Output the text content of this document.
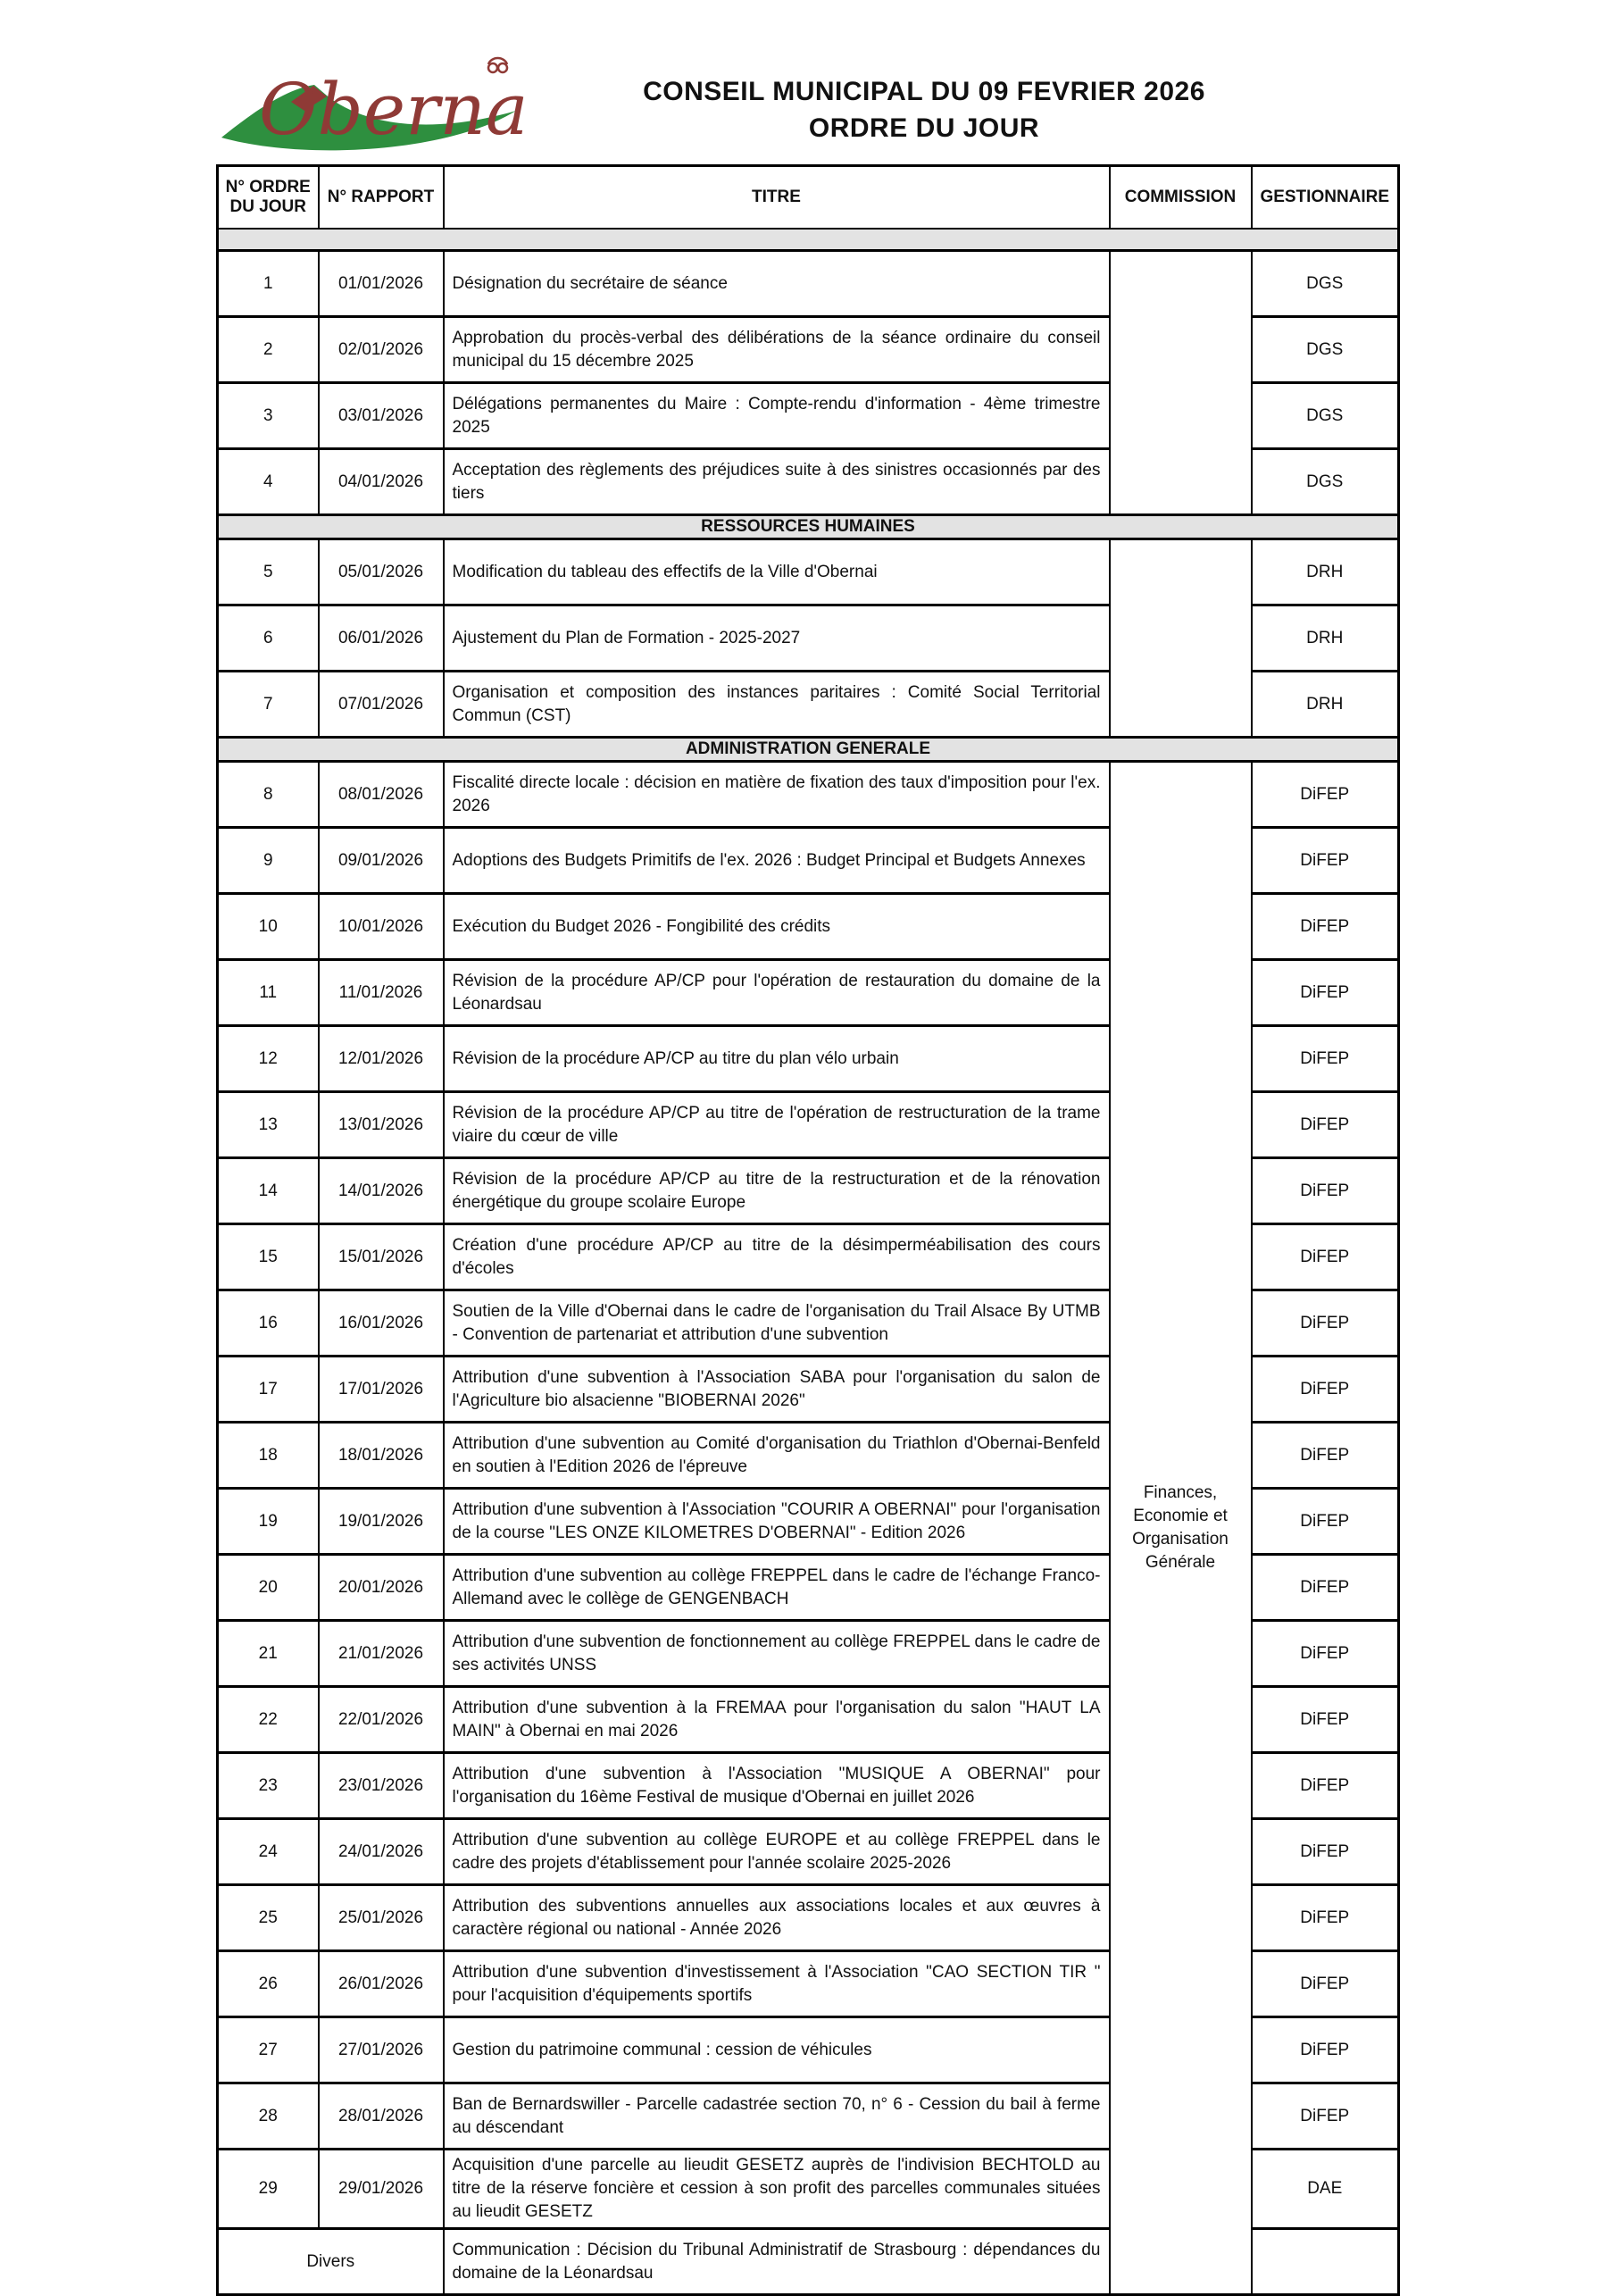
Obernai	CONSEIL MUNICIPAL DU 09 FEVRIER 2026
ORDRE DU JOUR
N° ORDRE DU JOUR	N° RAPPORT	TITRE	COMMISSION	GESTIONNAIRE

1	01/01/2026	Désignation du secrétaire de séance		DGS
2	02/01/2026	Approbation du procès-verbal des délibérations de la séance ordinaire du conseil municipal du 15 décembre 2025		DGS
3	03/01/2026	Délégations permanentes du Maire : Compte-rendu d'information - 4ème trimestre 2025		DGS
4	04/01/2026	Acceptation des règlements des préjudices suite à des sinistres occasionnés par des tiers		DGS
RESSOURCES HUMAINES				
5	05/01/2026	Modification du tableau des effectifs de la Ville d'Obernai		DRH
6	06/01/2026	Ajustement du Plan de Formation - 2025-2027		DRH
7	07/01/2026	Organisation et composition des instances paritaires : Comité Social Territorial Commun (CST)		DRH
ADMINISTRATION GENERALE				
8	08/01/2026	Fiscalité directe locale : décision en matière de fixation des taux d'imposition pour l'ex. 2026	Finances, Economie et Organisation Générale	DiFEP
9	09/01/2026	Adoptions des Budgets Primitifs de l'ex. 2026 : Budget Principal et Budgets Annexes		DiFEP
10	10/01/2026	Exécution du Budget 2026 - Fongibilité des crédits		DiFEP
11	11/01/2026	Révision de la procédure AP/CP pour l'opération de restauration du domaine de la Léonardsau		DiFEP
12	12/01/2026	Révision de la procédure AP/CP au titre du plan vélo urbain		DiFEP
13	13/01/2026	Révision de la procédure AP/CP au titre de l'opération de restructuration de la trame viaire du cœur de ville		DiFEP
14	14/01/2026	Révision de la procédure AP/CP au titre de la restructuration et de la rénovation énergétique du groupe scolaire Europe		DiFEP
15	15/01/2026	Création d'une procédure AP/CP au titre de la désimperméabilisation des cours d'écoles		DiFEP
16	16/01/2026	Soutien de la Ville d'Obernai dans le cadre de l'organisation du Trail Alsace By UTMB - Convention de partenariat et attribution d'une subvention		DiFEP
17	17/01/2026	Attribution d'une subvention à l'Association SABA pour l'organisation du salon de l'Agriculture bio alsacienne "BIOBERNAI 2026"		DiFEP
18	18/01/2026	Attribution d'une subvention au Comité d'organisation du Triathlon d'Obernai-Benfeld en soutien à l'Edition 2026 de l'épreuve		DiFEP
19	19/01/2026	Attribution d'une subvention à l'Association "COURIR A OBERNAI" pour l'organisation de la course "LES ONZE KILOMETRES D'OBERNAI" - Edition 2026		DiFEP
20	20/01/2026	Attribution d'une subvention au collège FREPPEL dans le cadre de l'échange Franco-Allemand avec le collège de GENGENBACH		DiFEP
21	21/01/2026	Attribution d'une subvention de fonctionnement au collège FREPPEL dans le cadre de ses activités UNSS		DiFEP
22	22/01/2026	Attribution d'une subvention à la FREMAA pour l'organisation du salon "HAUT LA MAIN" à Obernai en mai 2026		DiFEP
23	23/01/2026	Attribution d'une subvention à l'Association "MUSIQUE A OBERNAI" pour l'organisation du 16ème Festival de musique d'Obernai en juillet 2026		DiFEP
24	24/01/2026	Attribution d'une subvention au collège EUROPE et au collège FREPPEL dans le cadre des projets d'établissement pour l'année scolaire 2025-2026		DiFEP
25	25/01/2026	Attribution des subventions annuelles aux associations locales et aux œuvres à caractère régional ou national - Année 2026		DiFEP
26	26/01/2026	Attribution d'une subvention d'investissement à l'Association "CAO SECTION TIR " pour l'acquisition d'équipements sportifs		DiFEP
27	27/01/2026	Gestion du patrimoine communal : cession de véhicules		DiFEP
28	28/01/2026	Ban de Bernardswiller - Parcelle cadastrée section 70, n° 6 - Cession du bail à ferme au déscendant		DiFEP
29	29/01/2026	Acquisition d'une parcelle au lieudit GESETZ auprès de l'indivision BECHTOLD au titre de la réserve foncière et cession à son profit des parcelles communales situées au lieudit GESETZ		DAE
Divers		Communication : Décision du Tribunal Administratif de Strasbourg : dépendances du domaine de la Léonardsau		
